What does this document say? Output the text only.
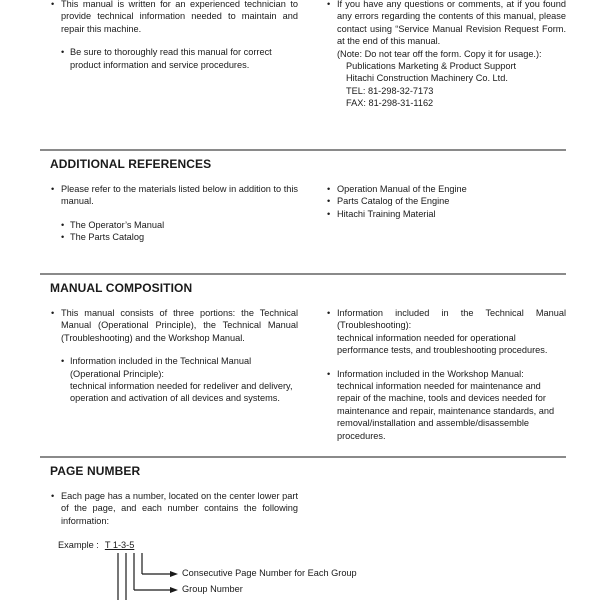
• This manual is written for an experienced technician to provide technical information needed to maintain and repair this machine.

• Be sure to thoroughly read this manual for correct product information and service procedures.

• If you have any questions or comments, at if you found any errors regarding the contents of this manual, please contact using “Service Manual Revision Request Form. at the end of this manual.

(Note: Do not tear off the form. Copy it for usage.):

Publications Marketing & Product Support
Hitachi Construction Machinery Co. Ltd.
TEL: 81-298-32-7173
FAX: 81-298-31-1162
ADDITIONAL REFERENCES

• Please refer to the materials listed below in addition to this manual.

• The Operator’s Manual

• The Parts Catalog

• Operation Manual of the Engine

• Parts Catalog of the Engine

• Hitachi Training Material

MANUAL COMPOSITION

• This manual consists of three portions: the Technical Manual (Operational Principle), the Technical Manual (Troubleshooting) and the Workshop Manual.

• Information included in the Technical Manual (Operational Principle):

technical information needed for redeliver and delivery, operation and activation of all devices and systems.

• Information included in the Technical Manual (Troubleshooting):

technical information needed for operational performance tests, and troubleshooting procedures.

• Information included in the Workshop Manual:

technical information needed for maintenance and repair of the machine, tools and devices needed for maintenance and repair, maintenance standards, and removal/installation and assemble/disassemble procedures.

PAGE NUMBER

• Each page has a number, located on the center lower part of the page, and each number contains the following information:

Example : T 1-3-5
Consecutive Page Number for Each Group
Group Number
